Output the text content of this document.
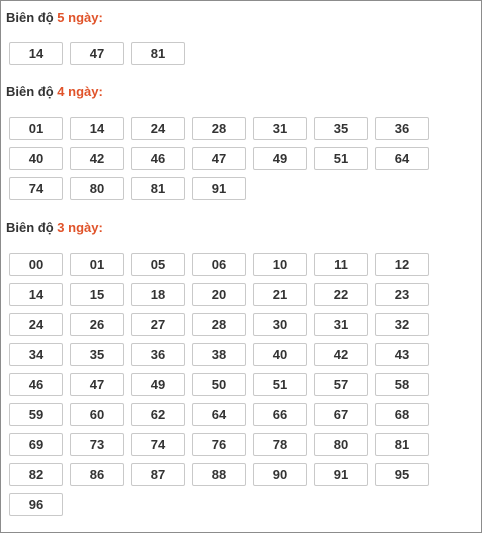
Biên độ 5 ngày:
14	47	81
Biên độ 4 ngày:
01	14	24	28	31	35	36
40	42	46	47	49	51	64
74	80	81	91
Biên độ 3 ngày:
00	01	05	06	10	11	12
14	15	18	20	21	22	23
24	26	27	28	30	31	32
34	35	36	38	40	42	43
46	47	49	50	51	57	58
59	60	62	64	66	67	68
69	73	74	76	78	80	81
82	86	87	88	90	91	95
96
